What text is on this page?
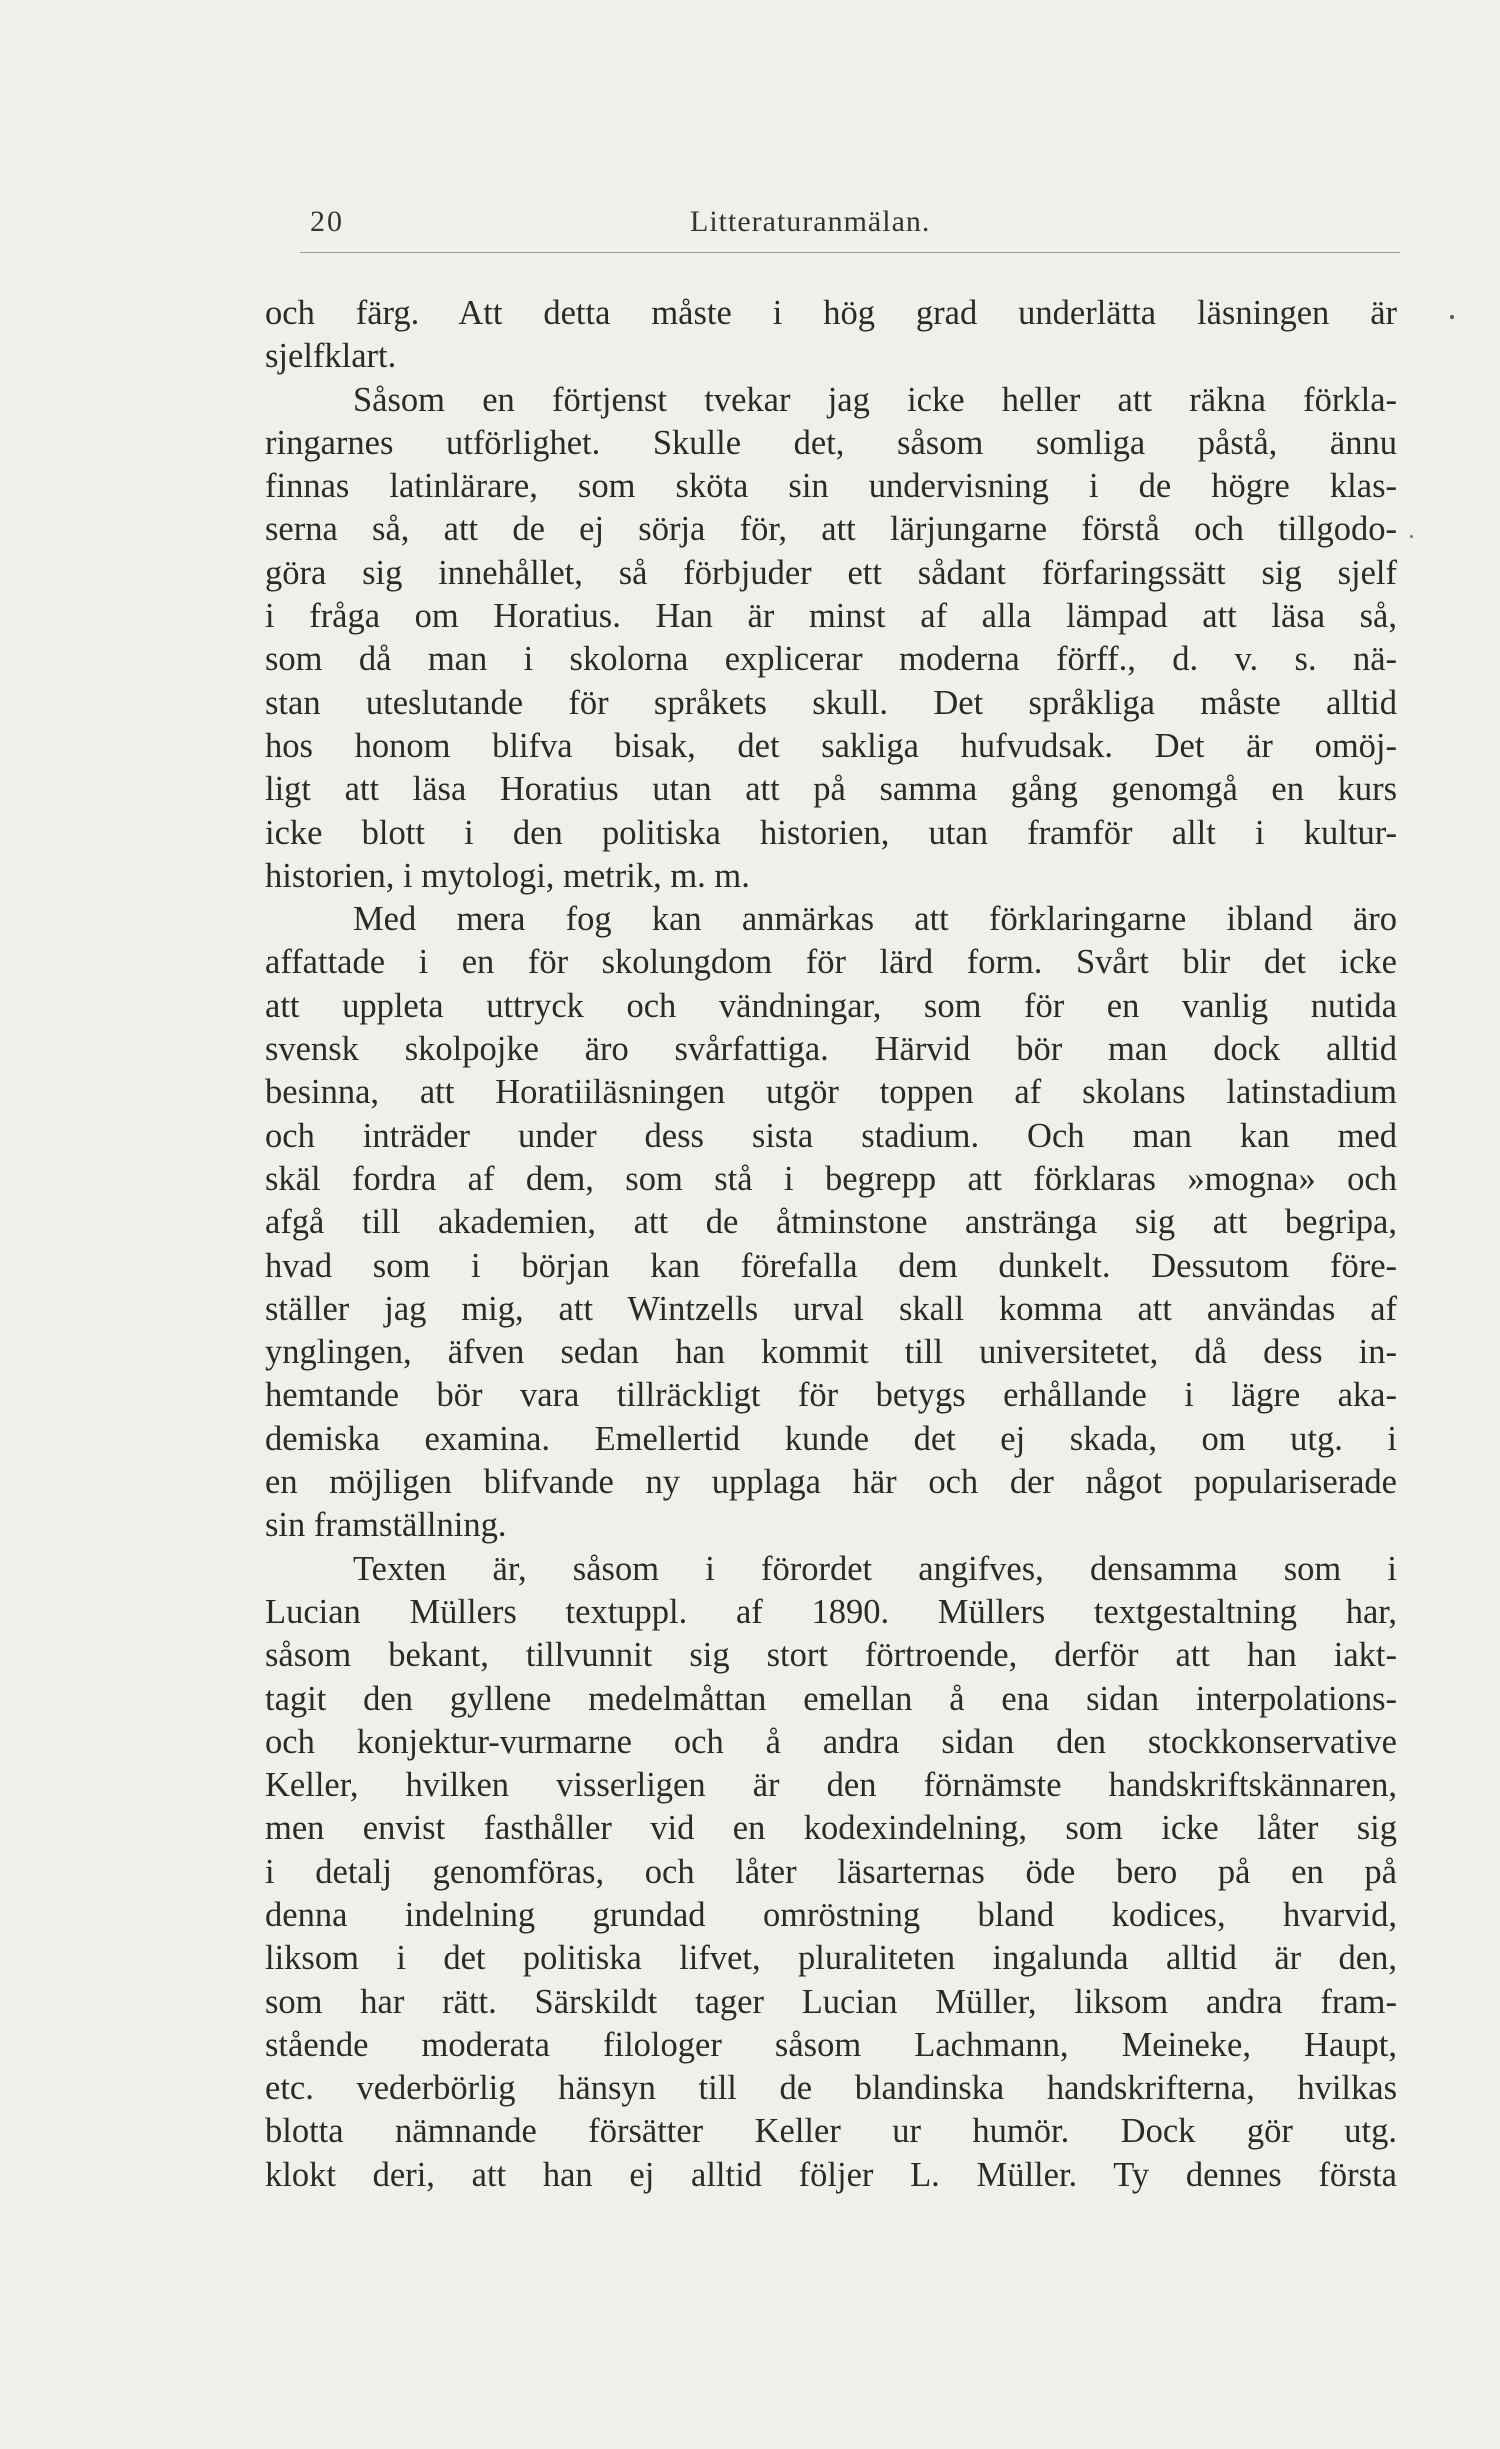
20	Litteraturanmälan.
och färg. Att detta måste i hög grad underlätta läsningen är
sjelfklart.
Såsom en förtjenst tvekar jag icke heller att räkna förkla-
ringarnes utförlighet. Skulle det, såsom somliga påstå, ännu
finnas latinlärare, som sköta sin undervisning i de högre klas-
serna så, att de ej sörja för, att lärjungarne förstå och tillgodo-
göra sig innehållet, så förbjuder ett sådant förfaringssätt sig sjelf
i fråga om Horatius. Han är minst af alla lämpad att läsa så,
som då man i skolorna explicerar moderna förff., d. v. s. nä-
stan uteslutande för språkets skull. Det språkliga måste alltid
hos honom blifva bisak, det sakliga hufvudsak. Det är omöj-
ligt att läsa Horatius utan att på samma gång genomgå en kurs
icke blott i den politiska historien, utan framför allt i kultur-
historien, i mytologi, metrik, m. m.
Med mera fog kan anmärkas att förklaringarne ibland äro
affattade i en för skolungdom för lärd form. Svårt blir det icke
att uppleta uttryck och vändningar, som för en vanlig nutida
svensk skolpojke äro svårfattiga. Härvid bör man dock alltid
besinna, att Horatiiläsningen utgör toppen af skolans latinstadium
och inträder under dess sista stadium. Och man kan med
skäl fordra af dem, som stå i begrepp att förklaras »mogna» och
afgå till akademien, att de åtminstone anstränga sig att begripa,
hvad som i början kan förefalla dem dunkelt. Dessutom före-
ställer jag mig, att Wintzells urval skall komma att användas af
ynglingen, äfven sedan han kommit till universitetet, då dess in-
hemtande bör vara tillräckligt för betygs erhållande i lägre aka-
demiska examina. Emellertid kunde det ej skada, om utg. i
en möjligen blifvande ny upplaga här och der något populariserade
sin framställning.
Texten är, såsom i förordet angifves, densamma som i
Lucian Müllers textuppl. af 1890. Müllers textgestaltning har,
såsom bekant, tillvunnit sig stort förtroende, derför att han iakt-
tagit den gyllene medelmåttan emellan å ena sidan interpolations-
och konjektur-vurmarne och å andra sidan den stockkonservative
Keller, hvilken visserligen är den förnämste handskriftskännaren,
men envist fasthåller vid en kodexindelning, som icke låter sig
i detalj genomföras, och låter läsarternas öde bero på en på
denna indelning grundad omröstning bland kodices, hvarvid,
liksom i det politiska lifvet, pluraliteten ingalunda alltid är den,
som har rätt. Särskildt tager Lucian Müller, liksom andra fram-
stående moderata filologer såsom Lachmann, Meineke, Haupt,
etc. vederbörlig hänsyn till de blandinska handskrifterna, hvilkas
blotta nämnande försätter Keller ur humör. Dock gör utg.
klokt deri, att han ej alltid följer L. Müller. Ty dennes första
